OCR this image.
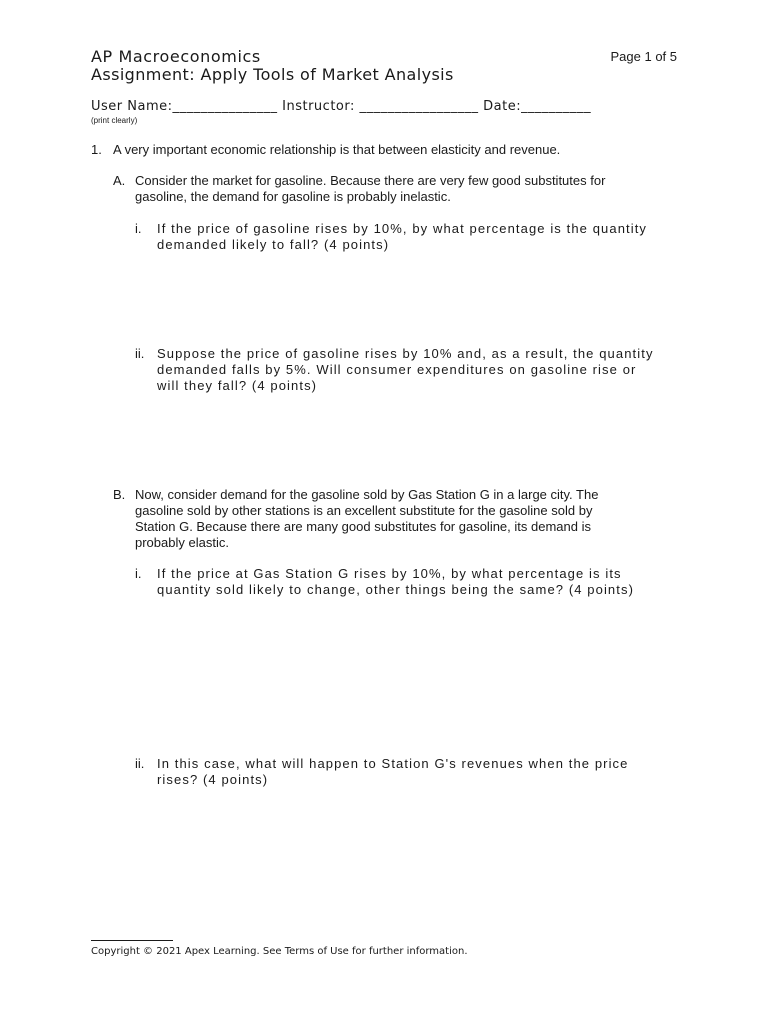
AP Macroeconomics
Assignment: Apply Tools of Market Analysis
Page 1 of 5
User Name:_______________ Instructor: _________________ Date:__________
(print clearly)
1. A very important economic relationship is that between elasticity and revenue.
A. Consider the market for gasoline. Because there are very few good substitutes for
gasoline, the demand for gasoline is probably inelastic.
i. If the price of gasoline rises by 10%, by what percentage is the quantity
demanded likely to fall? (4 points)
ii. Suppose the price of gasoline rises by 10% and, as a result, the quantity
demanded falls by 5%. Will consumer expenditures on gasoline rise or
will they fall? (4 points)
B. Now, consider demand for the gasoline sold by Gas Station G in a large city. The
gasoline sold by other stations is an excellent substitute for the gasoline sold by
Station G. Because there are many good substitutes for gasoline, its demand is
probably elastic.
i. If the price at Gas Station G rises by 10%, by what percentage is its
quantity sold likely to change, other things being the same? (4 points)
ii. In this case, what will happen to Station G's revenues when the price
rises? (4 points)
Copyright © 2021 Apex Learning. See Terms of Use for further information.
